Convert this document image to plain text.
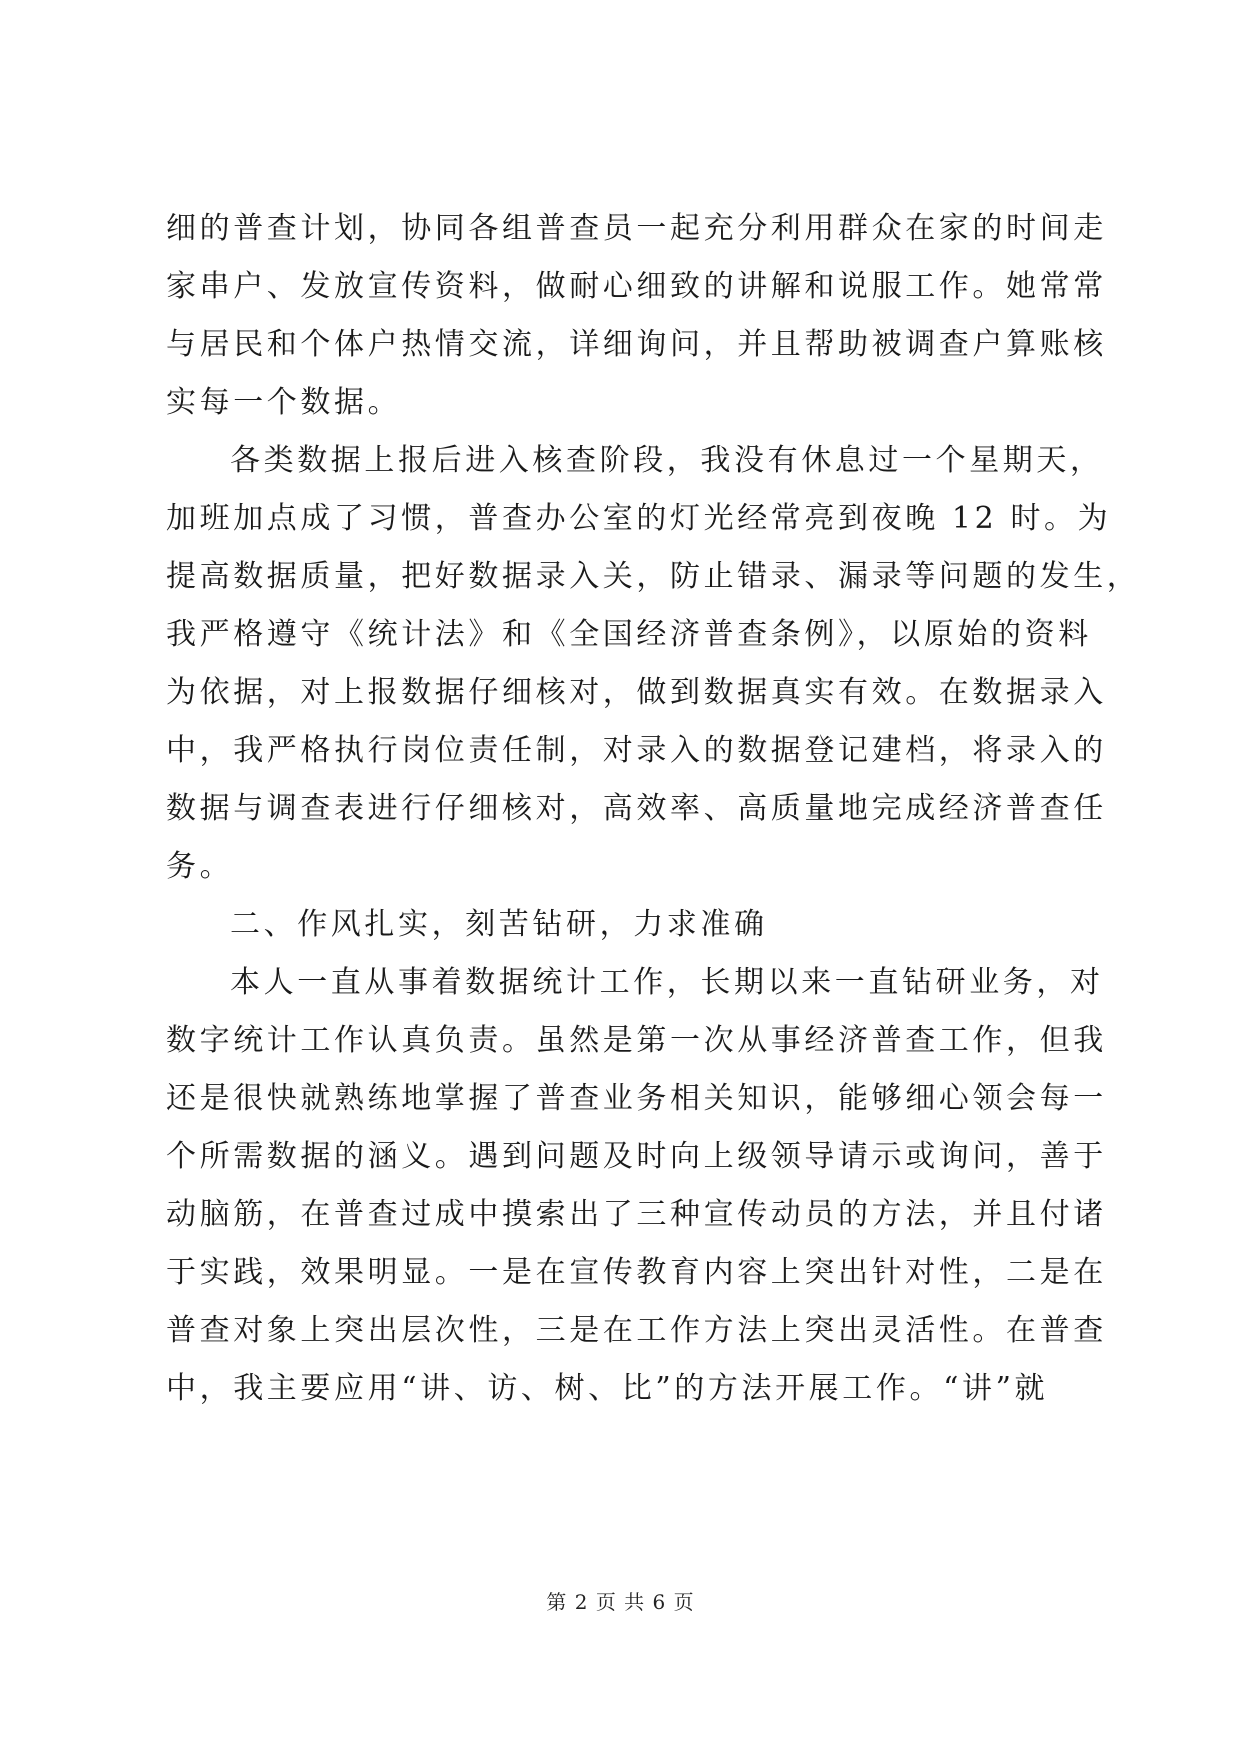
细的普查计划，协同各组普查员一起充分利用群众在家的时间走
家串户、发放宣传资料，做耐心细致的讲解和说服工作。她常常
与居民和个体户热情交流，详细询问，并且帮助被调查户算账核
实每一个数据。
各类数据上报后进入核查阶段，我没有休息过一个星期天，
加班加点成了习惯，普查办公室的灯光经常亮到夜晚 12 时。为
提高数据质量，把好数据录入关，防止错录、漏录等问题的发生，
我严格遵守《统计法》和《全国经济普查条例》，以原始的资料
为依据，对上报数据仔细核对，做到数据真实有效。在数据录入
中，我严格执行岗位责任制，对录入的数据登记建档，将录入的
数据与调查表进行仔细核对，高效率、高质量地完成经济普查任
务。
二、作风扎实，刻苦钻研，力求准确
本人一直从事着数据统计工作，长期以来一直钻研业务，对
数字统计工作认真负责。虽然是第一次从事经济普查工作，但我
还是很快就熟练地掌握了普查业务相关知识，能够细心领会每一
个所需数据的涵义。遇到问题及时向上级领导请示或询问，善于
动脑筋，在普查过成中摸索出了三种宣传动员的方法，并且付诸
于实践，效果明显。一是在宣传教育内容上突出针对性，二是在
普查对象上突出层次性，三是在工作方法上突出灵活性。在普查
中，我主要应用“讲、访、树、比”的方法开展工作。“讲”就
第 2 页 共 6 页
